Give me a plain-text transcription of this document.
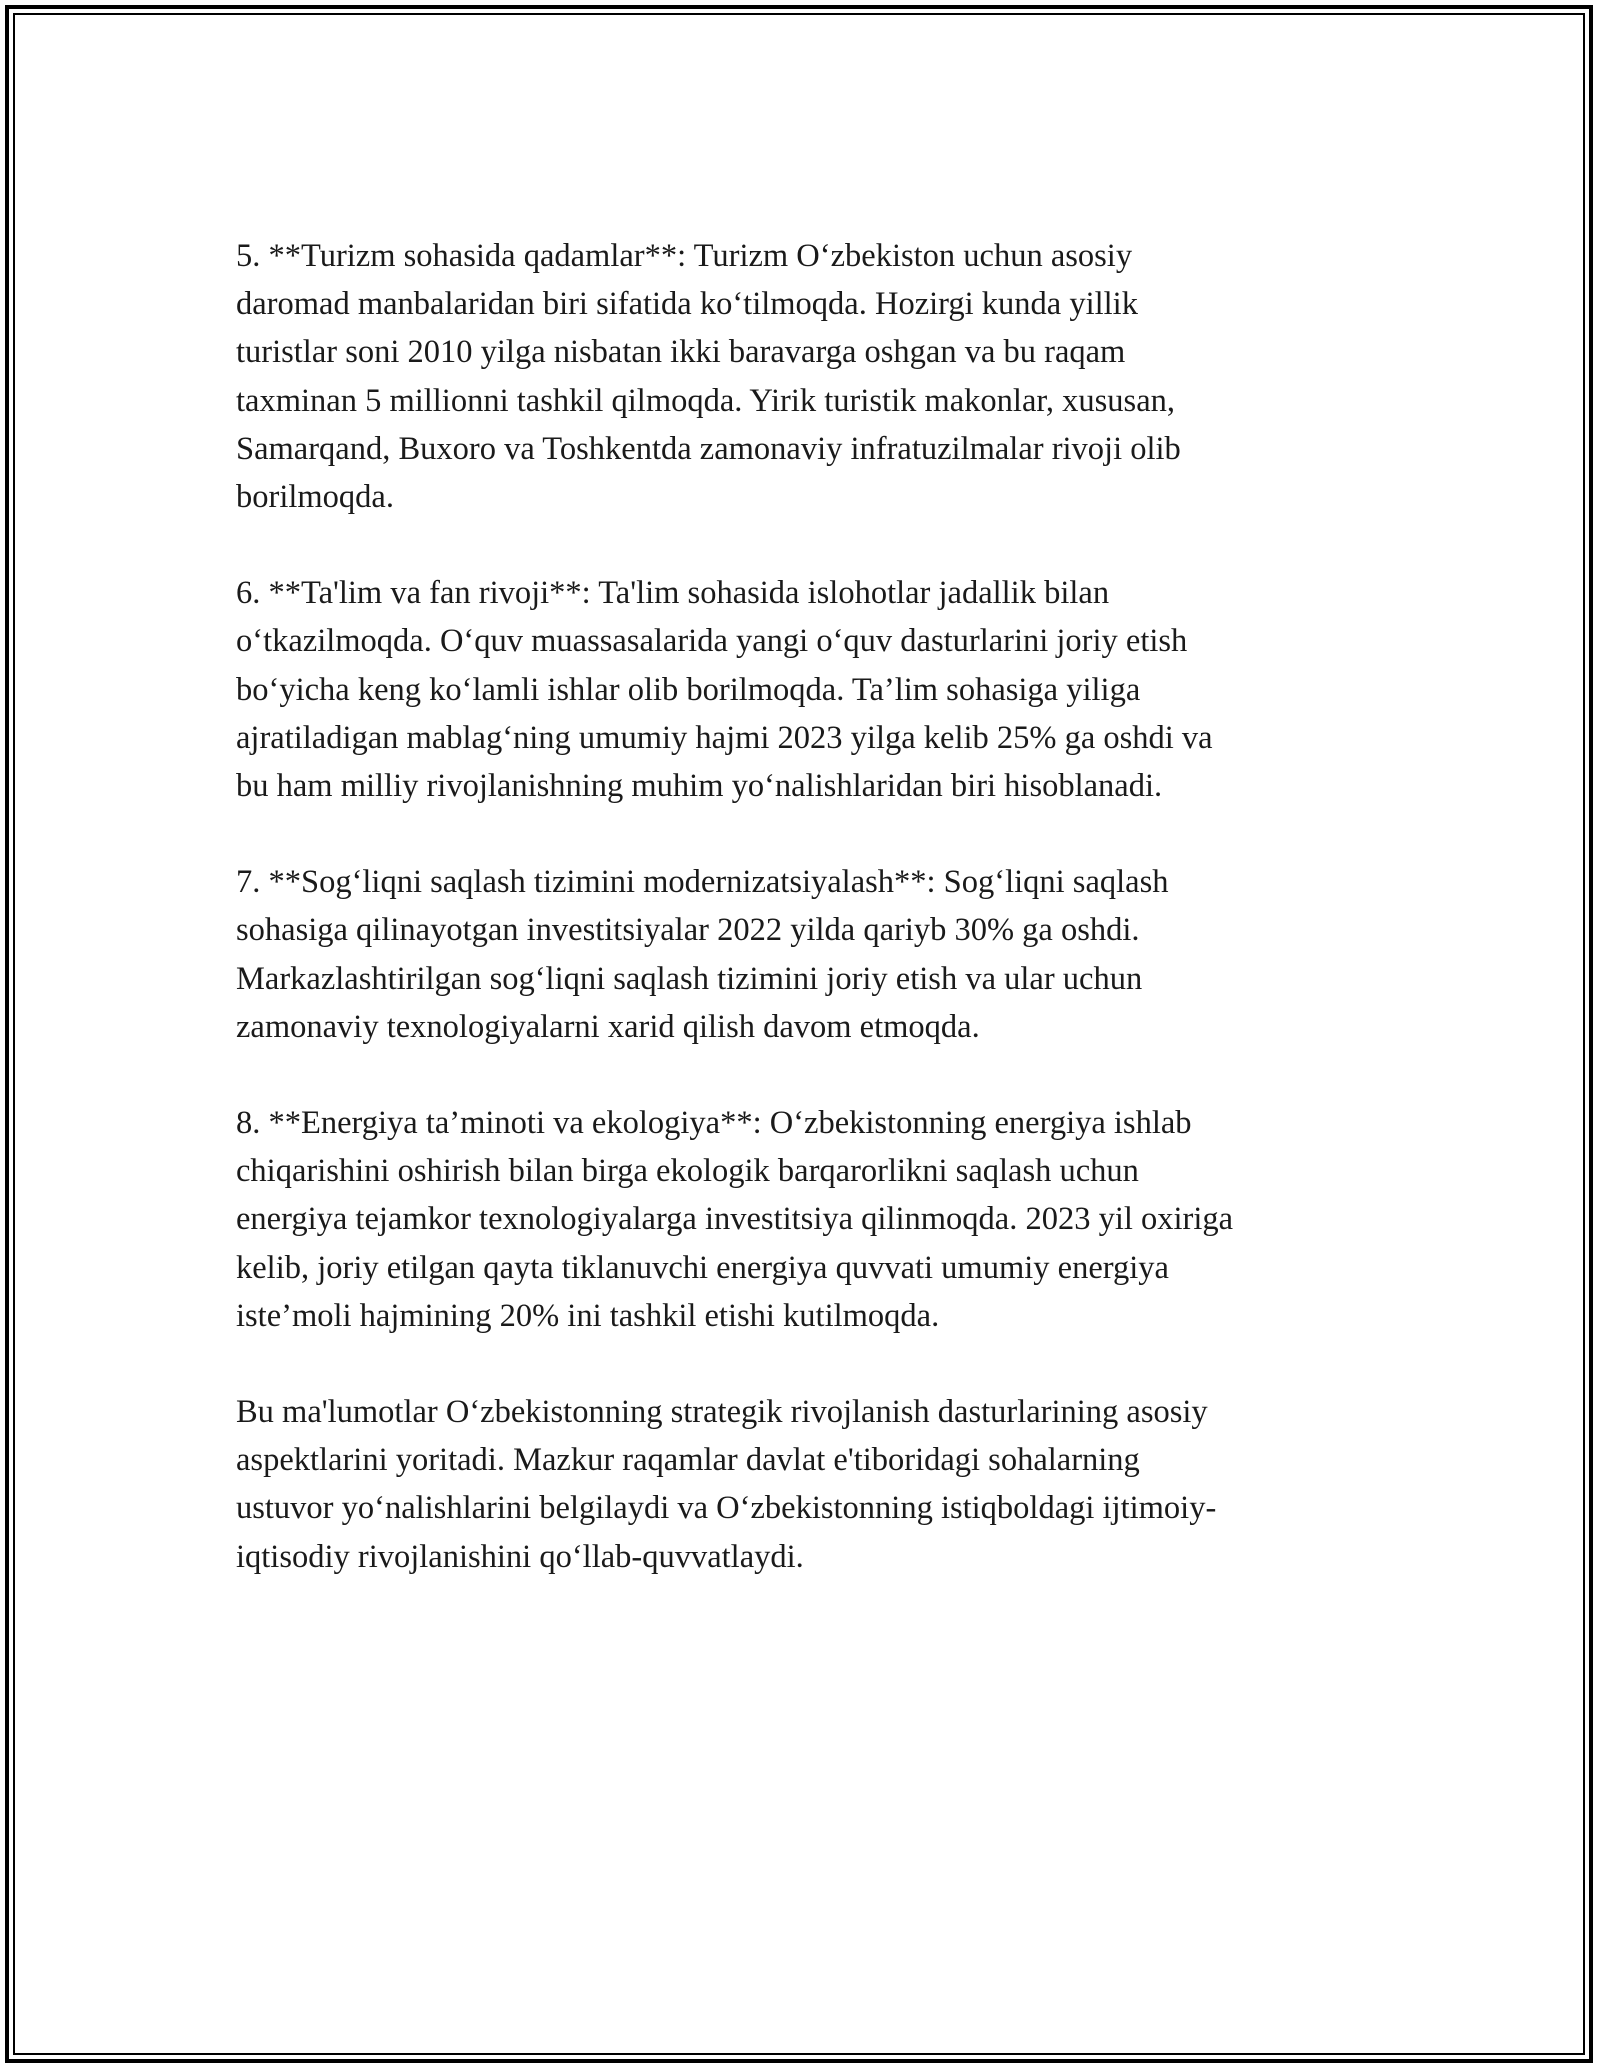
5. **Turizm sohasida qadamlar**: Turizm O‘zbekiston uchun asosiy
daromad manbalaridan biri sifatida ko‘tilmoqda. Hozirgi kunda yillik
turistlar soni 2010 yilga nisbatan ikki baravarga oshgan va bu raqam
taxminan 5 millionni tashkil qilmoqda. Yirik turistik makonlar, xususan,
Samarqand, Buxoro va Toshkentda zamonaviy infratuzilmalar rivoji olib
borilmoqda.

6. **Ta'lim va fan rivoji**: Ta'lim sohasida islohotlar jadallik bilan
o‘tkazilmoqda. O‘quv muassasalarida yangi o‘quv dasturlarini joriy etish
bo‘yicha keng ko‘lamli ishlar olib borilmoqda. Ta’lim sohasiga yiliga
ajratiladigan mablag‘ning umumiy hajmi 2023 yilga kelib 25% ga oshdi va
bu ham milliy rivojlanishning muhim yo‘nalishlaridan biri hisoblanadi.

7. **Sog‘liqni saqlash tizimini modernizatsiyalash**: Sog‘liqni saqlash
sohasiga qilinayotgan investitsiyalar 2022 yilda qariyb 30% ga oshdi.
Markazlashtirilgan sog‘liqni saqlash tizimini joriy etish va ular uchun
zamonaviy texnologiyalarni xarid qilish davom etmoqda.

8. **Energiya ta’minoti va ekologiya**: O‘zbekistonning energiya ishlab
chiqarishini oshirish bilan birga ekologik barqarorlikni saqlash uchun
energiya tejamkor texnologiyalarga investitsiya qilinmoqda. 2023 yil oxiriga
kelib, joriy etilgan qayta tiklanuvchi energiya quvvati umumiy energiya
iste’moli hajmining 20% ini tashkil etishi kutilmoqda.

Bu ma'lumotlar O‘zbekistonning strategik rivojlanish dasturlarining asosiy
aspektlarini yoritadi. Mazkur raqamlar davlat e'tiboridagi sohalarning
ustuvor yo‘nalishlarini belgilaydi va O‘zbekistonning istiqboldagi ijtimoiy-
iqtisodiy rivojlanishini qo‘llab-quvvatlaydi.
